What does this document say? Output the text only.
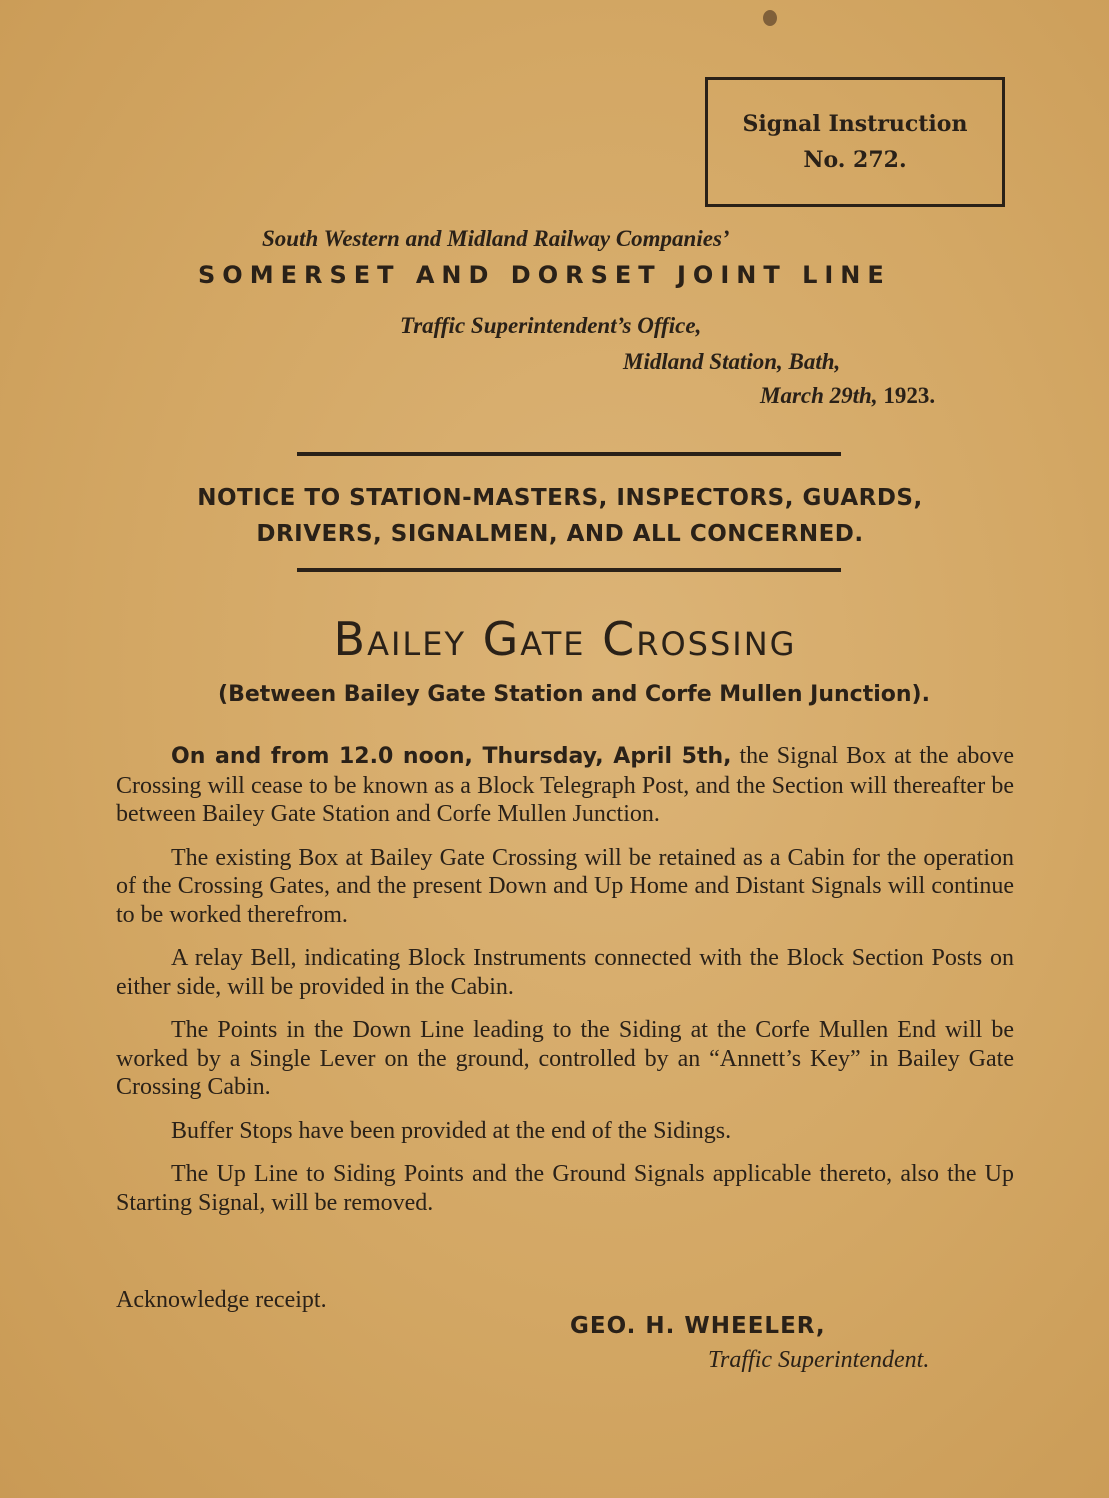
Signal Instruction
No. 272.
South Western and Midland Railway Companies’
SOMERSET AND DORSET JOINT LINE
Traffic Superintendent’s Office,
Midland Station, Bath,
March 29th, 1923.
NOTICE TO STATION-MASTERS, INSPECTORS, GUARDS,
DRIVERS, SIGNALMEN, AND ALL CONCERNED.
Bailey Gate Crossing
(Between Bailey Gate Station and Corfe Mullen Junction).

On and from 12.0 noon, Thursday, April 5th, the Signal Box at the above Crossing will cease to be known as a Block Telegraph Post, and the Section will thereafter be between Bailey Gate Station and Corfe Mullen Junction.

The existing Box at Bailey Gate Crossing will be retained as a Cabin for the operation of the Crossing Gates, and the present Down and Up Home and Distant Signals will continue to be worked therefrom.

A relay Bell, indicating Block Instruments connected with the Block Section Posts on either side, will be provided in the Cabin.

The Points in the Down Line leading to the Siding at the Corfe Mullen End will be worked by a Single Lever on the ground, controlled by an “Annett’s Key” in Bailey Gate Crossing Cabin.

Buffer Stops have been provided at the end of the Sidings.

The Up Line to Siding Points and the Ground Signals applicable thereto, also the Up Starting Signal, will be removed.

Acknowledge receipt.
GEO. H. WHEELER,
Traffic Superintendent.
